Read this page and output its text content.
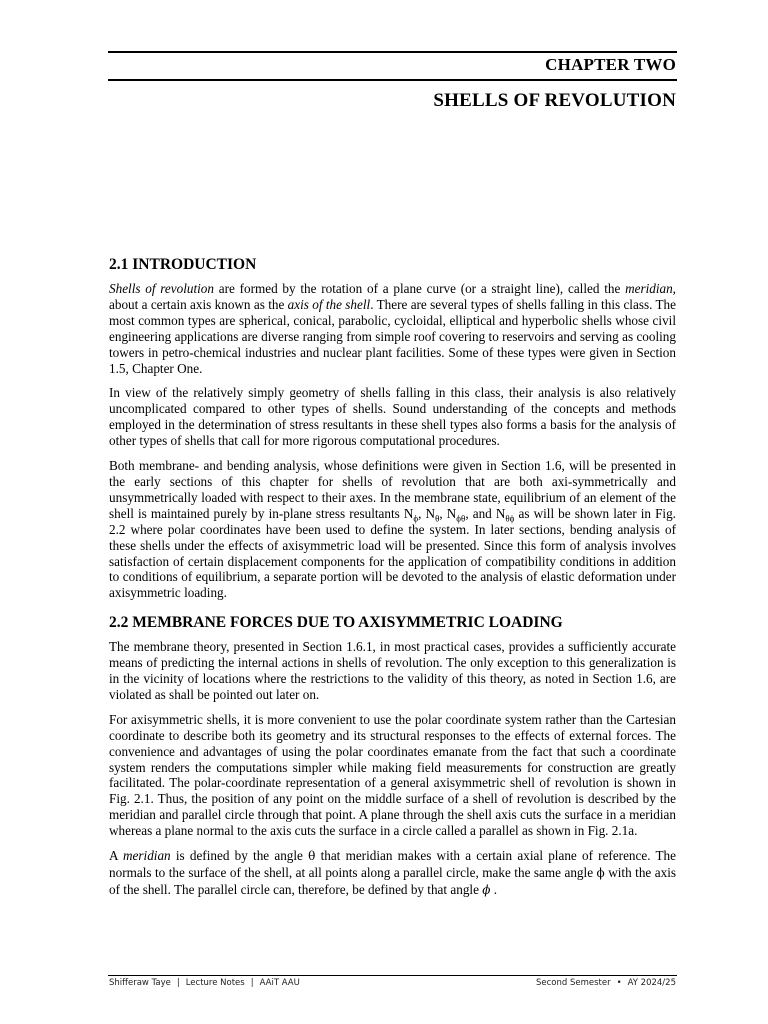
CHAPTER TWO
SHELLS OF REVOLUTION
2.1 INTRODUCTION

Shells of revolution are formed by the rotation of a plane curve (or a straight line), called the meridian, about a certain axis known as the axis of the shell. There are several types of shells falling in this class. The most common types are spherical, conical, parabolic, cycloidal, elliptical and hyperbolic shells whose civil engineering applications are diverse ranging from simple roof covering to reservoirs and serving as cooling towers in petro-chemical industries and nuclear plant facilities. Some of these types were given in Section 1.5, Chapter One.

In view of the relatively simply geometry of shells falling in this class, their analysis is also relatively uncomplicated compared to other types of shells. Sound understanding of the concepts and methods employed in the determination of stress resultants in these shell types also forms a basis for the analysis of other types of shells that call for more rigorous computational procedures.

Both membrane- and bending analysis, whose definitions were given in Section 1.6, will be presented in the early sections of this chapter for shells of revolution that are both axi-symmetrically and unsymmetrically loaded with respect to their axes. In the membrane state, equilibrium of an element of the shell is maintained purely by in-plane stress resultants $N_\phi$, $N_\theta$, $N_{\phi\theta}$, and $N_{\theta\phi}$ as will be shown later in Fig. 2.2 where polar coordinates have been used to define the system. In later sections, bending analysis of these shells under the effects of axisymmetric load will be presented. Since this form of analysis involves satisfaction of certain displacement components for the application of compatibility conditions in addition to conditions of equilibrium, a separate portion will be devoted to the analysis of elastic deformation under axisymmetric loading.

2.2 MEMBRANE FORCES DUE TO AXISYMMETRIC LOADING

The membrane theory, presented in Section 1.6.1, in most practical cases, provides a sufficiently accurate means of predicting the internal actions in shells of revolution. The only exception to this generalization is in the vicinity of locations where the restrictions to the validity of this theory, as noted in Section 1.6, are violated as shall be pointed out later on.

For axisymmetric shells, it is more convenient to use the polar coordinate system rather than the Cartesian coordinate to describe both its geometry and its structural responses to the effects of external forces. The convenience and advantages of using the polar coordinates emanate from the fact that such a coordinate system renders the computations simpler while making field measurements for construction are greatly facilitated. The polar-coordinate representation of a general axisymmetric shell of revolution is shown in Fig. 2.1. Thus, the position of any point on the middle surface of a shell of revolution is described by the meridian and parallel circle through that point. A plane through the shell axis cuts the surface in a meridian whereas a plane normal to the axis cuts the surface in a circle called a parallel as shown in Fig. 2.1a.

A meridian is defined by the angle θ that meridian makes with a certain axial plane of reference. The normals to the surface of the shell, at all points along a parallel circle, make the same angle ϕ with the axis of the shell. The parallel circle can, therefore, be defined by that angle ϕ .

Shifferaw Taye | Lecture Notes | AAiT AAU	Second Semester • AY 2024/25
